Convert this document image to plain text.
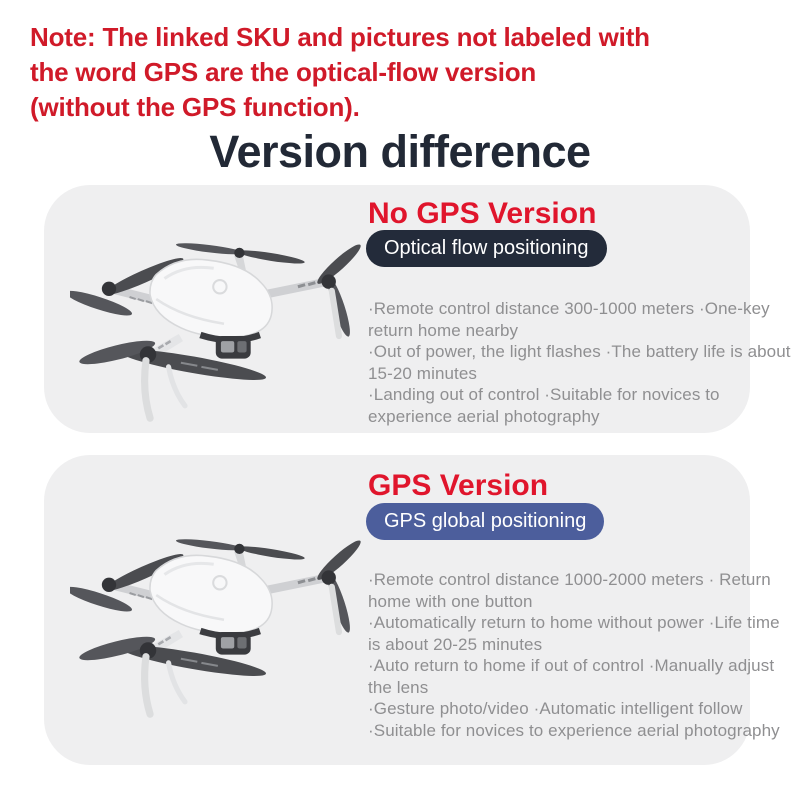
Note: The linked SKU and pictures not labeled with
the word GPS are the optical-flow version
(without the GPS function).
Version difference
No GPS Version
Optical flow positioning

·Remote control distance 300-1000 meters ·One-key return home nearby

·Out of power, the light flashes ·The battery life is about 15-20 minutes

·Landing out of control ·Suitable for novices to experience aerial photography

GPS Version
GPS global positioning

·Remote control distance 1000-2000 meters · Return home with one button

·Automatically return to home without power ·Life time is about 20-25 minutes

·Auto return to home if out of control ·Manually adjust the lens

·Gesture photo/video ·Automatic intelligent follow

·Suitable for novices to experience aerial photography
